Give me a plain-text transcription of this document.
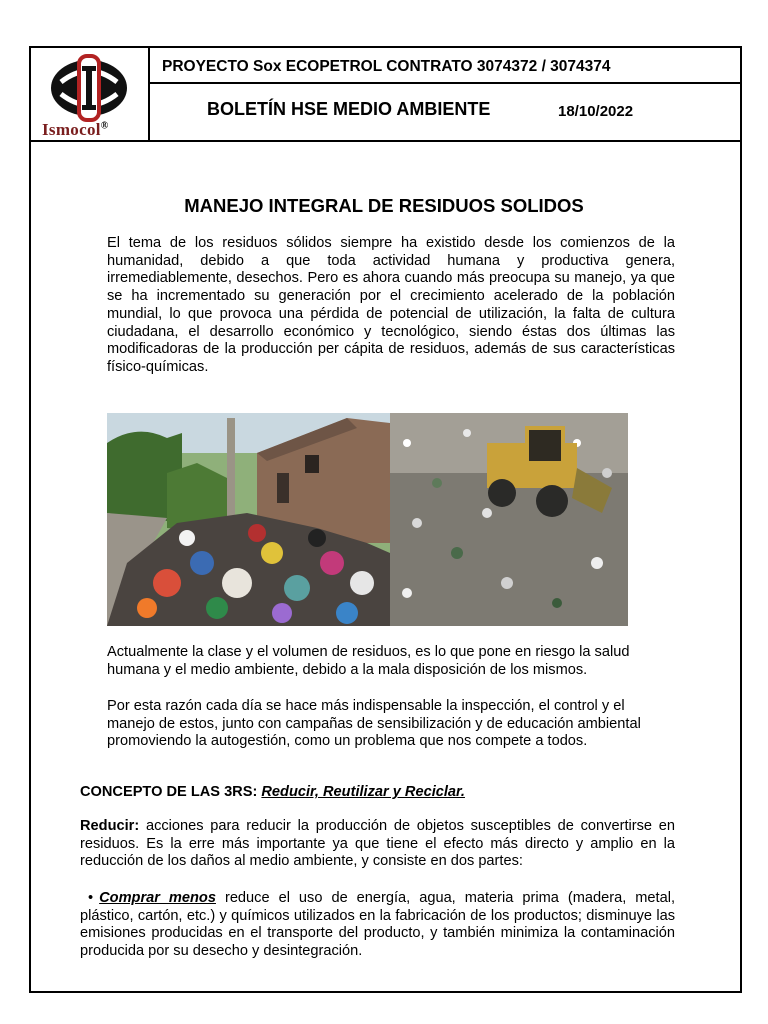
Ismocol®
PROYECTO Sox ECOPETROL CONTRATO 3074372 / 3074374
BOLETÍN HSE MEDIO AMBIENTE	18/10/2022
MANEJO INTEGRAL DE RESIDUOS SOLIDOS
El tema de los residuos sólidos siempre ha existido desde los comienzos de la humanidad, debido a que toda actividad humana y productiva genera, irremediablemente, desechos. Pero es ahora cuando más preocupa su manejo, ya que se ha incrementado su generación por el crecimiento acelerado de la población mundial, lo que provoca una pérdida de potencial de utilización, la falta de cultura ciudadana, el desarrollo económico y tecnológico, siendo éstas dos últimas las modificadoras de la producción per cápita de residuos, además de sus características físico-químicas.
Actualmente la clase y el volumen de residuos, es lo que pone en riesgo la salud humana y el medio ambiente, debido a la mala disposición de los mismos.
Por esta razón cada día se hace más indispensable la inspección, el control y el manejo de estos, junto con campañas de sensibilización y de educación ambiental promoviendo la autogestión, como un problema que nos compete a todos.
CONCEPTO DE LAS 3RS: Reducir, Reutilizar y Reciclar.
Reducir: acciones para reducir la producción de objetos susceptibles de convertirse en residuos. Es la erre más importante ya que tiene el efecto más directo y amplio en la reducción de los daños al medio ambiente, y consiste en dos partes:
• Comprar menos reduce el uso de energía, agua, materia prima (madera, metal, plástico, cartón, etc.) y químicos utilizados en la fabricación de los productos; disminuye las emisiones producidas en el transporte del producto, y también minimiza la contaminación producida por su desecho y desintegración.
